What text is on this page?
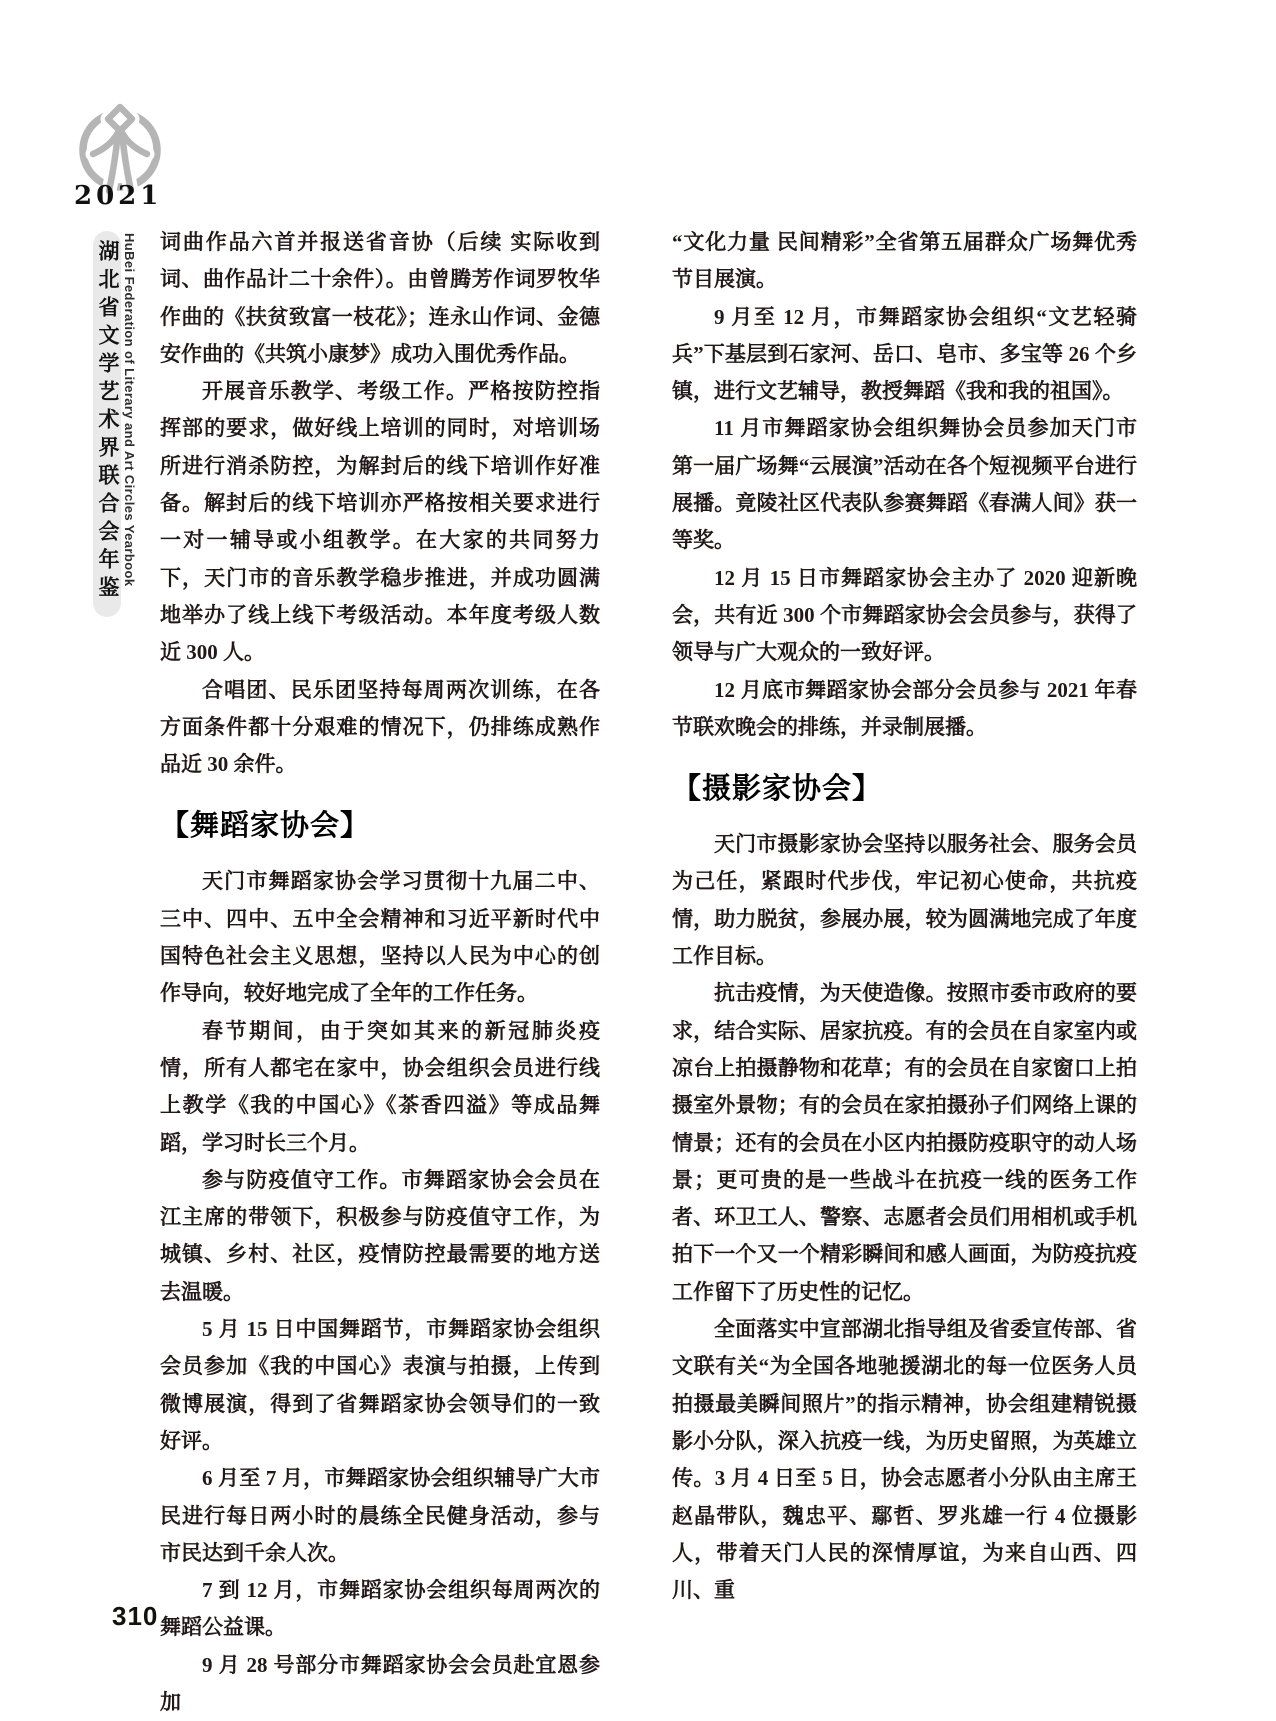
2021
湖北省文学艺术界联合会年鉴 HuBei Federation of Literary and Art Circles Yearbook 词曲作品六首并报送省音协（后续 实际收到词、曲作品计二十余件）。由曾腾芳作词罗牧华作曲的《扶贫致富一枝花》；连永山作词、金德安作曲的《共筑小康梦》成功入围优秀作品。

开展音乐教学、考级工作。严格按防控指挥部的要求，做好线上培训的同时，对培训场所进行消杀防控，为解封后的线下培训作好准备。解封后的线下培训亦严格按相关要求进行一对一辅导或小组教学。在大家的共同努力下，天门市的音乐教学稳步推进，并成功圆满地举办了线上线下考级活动。本年度考级人数近 300 人。

合唱团、民乐团坚持每周两次训练，在各方面条件都十分艰难的情况下，仍排练成熟作品近 30 余件。

【舞蹈家协会】

天门市舞蹈家协会学习贯彻十九届二中、三中、四中、五中全会精神和习近平新时代中国特色社会主义思想，坚持以人民为中心的创作导向，较好地完成了全年的工作任务。

春节期间，由于突如其来的新冠肺炎疫情，所有人都宅在家中，协会组织会员进行线上教学《我的中国心》《茶香四溢》等成品舞蹈，学习时长三个月。

参与防疫值守工作。市舞蹈家协会会员在江主席的带领下，积极参与防疫值守工作，为城镇、乡村、社区，疫情防控最需要的地方送去温暖。

5 月 15 日中国舞蹈节，市舞蹈家协会组织会员参加《我的中国心》表演与拍摄，上传到微博展演，得到了省舞蹈家协会领导们的一致好评。

6 月至 7 月，市舞蹈家协会组织辅导广大市民进行每日两小时的晨练全民健身活动，参与市民达到千余人次。

7 到 12 月，市舞蹈家协会组织每周两次的舞蹈公益课。

9 月 28 号部分市舞蹈家协会会员赴宜恩参加

“文化力量 民间精彩”全省第五届群众广场舞优秀节目展演。

9 月至 12 月，市舞蹈家协会组织“文艺轻骑兵”下基层到石家河、岳口、皂市、多宝等 26 个乡镇，进行文艺辅导，教授舞蹈《我和我的祖国》。

11 月市舞蹈家协会组织舞协会员参加天门市第一届广场舞“云展演”活动在各个短视频平台进行展播。竟陵社区代表队参赛舞蹈《春满人间》获一等奖。

12 月 15 日市舞蹈家协会主办了 2020 迎新晚会，共有近 300 个市舞蹈家协会会员参与，获得了领导与广大观众的一致好评。

12 月底市舞蹈家协会部分会员参与 2021 年春节联欢晚会的排练，并录制展播。

【摄影家协会】

天门市摄影家协会坚持以服务社会、服务会员为己任，紧跟时代步伐，牢记初心使命，共抗疫情，助力脱贫，参展办展，较为圆满地完成了年度工作目标。

抗击疫情，为天使造像。按照市委市政府的要求，结合实际、居家抗疫。有的会员在自家室内或凉台上拍摄静物和花草；有的会员在自家窗口上拍摄室外景物；有的会员在家拍摄孙子们网络上课的情景；还有的会员在小区内拍摄防疫职守的动人场景；更可贵的是一些战斗在抗疫一线的医务工作者、环卫工人、警察、志愿者会员们用相机或手机拍下一个又一个精彩瞬间和感人画面，为防疫抗疫工作留下了历史性的记忆。

全面落实中宣部湖北指导组及省委宣传部、省文联有关“为全国各地驰援湖北的每一位医务人员拍摄最美瞬间照片”的指示精神，协会组建精锐摄影小分队，深入抗疫一线，为历史留照，为英雄立传。3 月 4 日至 5 日，协会志愿者小分队由主席王赵晶带队，魏忠平、鄢哲、罗兆雄一行 4 位摄影人，带着天门人民的深情厚谊，为来自山西、四川、重

310
